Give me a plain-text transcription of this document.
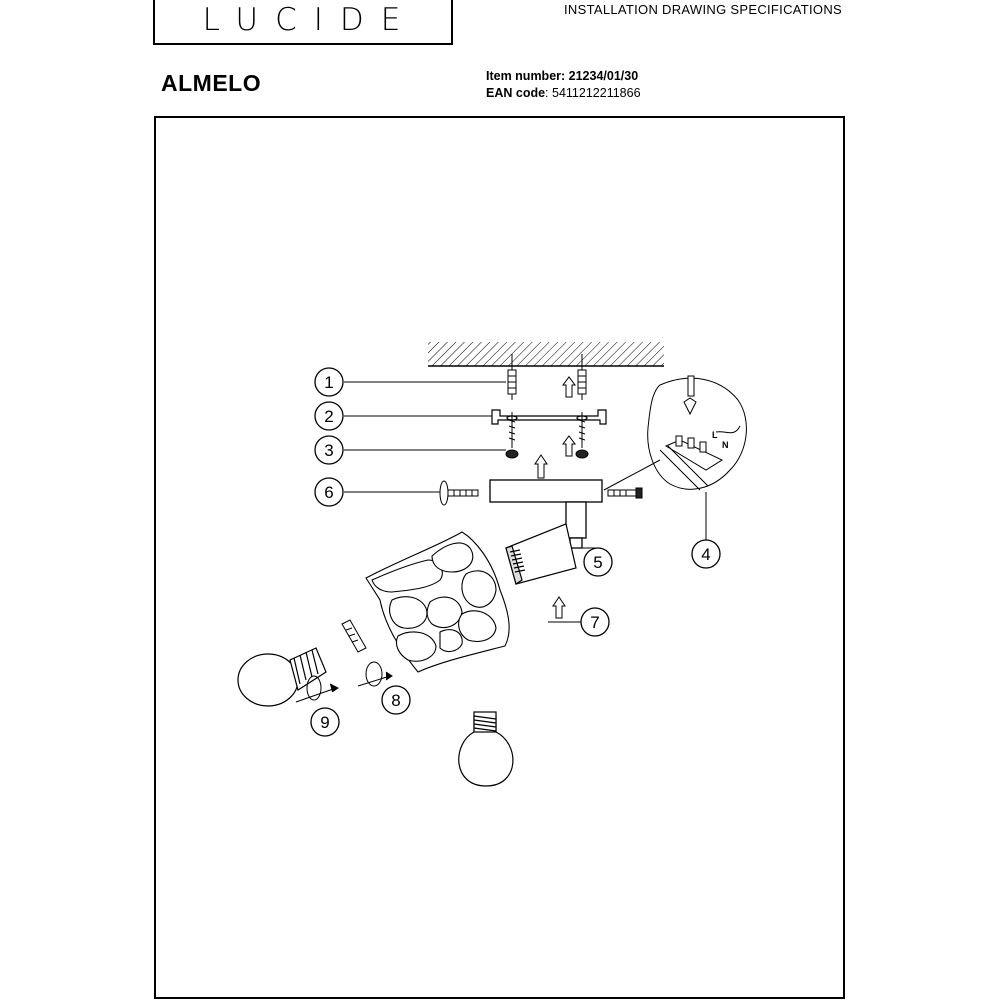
LUCIDE	INSTALLATION DRAWING SPECIFICATIONS
ALMELO	Item number: 21234/01/30
EAN code: 5411212211866
L
N
1
2
3
4
5
6
7
8
9
